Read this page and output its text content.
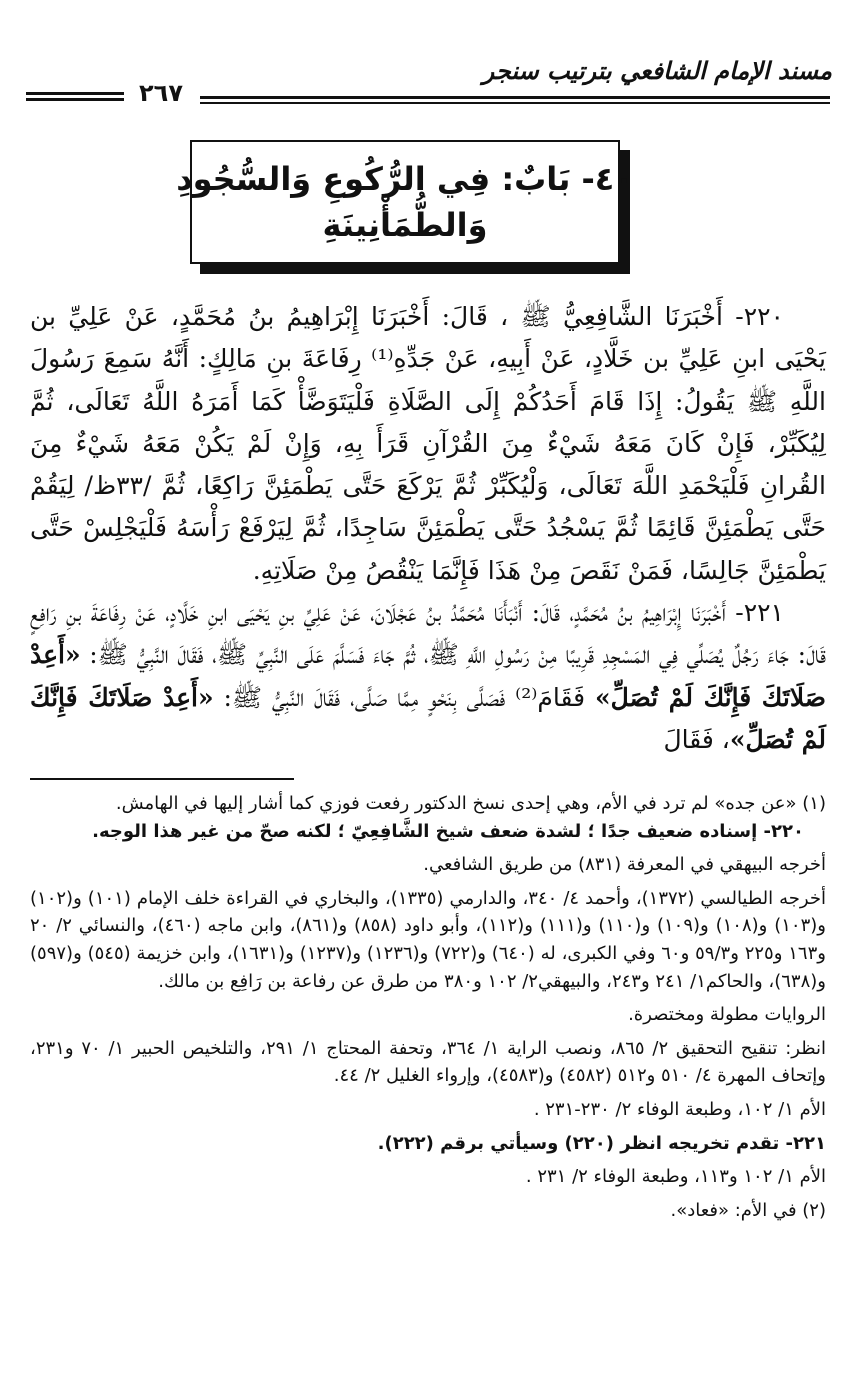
مسند الإمام الشافعي بترتيب سنجر
٢٦٧
٤٠- بَابٌ: فِي الرُّكُوعِ وَالسُّجُودِ
وَالطُّمَأْنِينَةِ

٢٢٠- أَخْبَرَنَا الشَّافِعِيُّ ﷺ ، قَالَ: أَخْبَرَنَا إِبْرَاهِيمُ بنُ مُحَمَّدٍ، عَنْ عَلِيِّ بن يَحْيَى ابنِ عَلِيِّ بن خَلَّادٍ، عَنْ أَبِيهِ، عَنْ جَدِّهِ⁽¹⁾ رِفَاعَةَ بنِ مَالِكٍ: أَنَّهُ سَمِعَ رَسُولَ اللَّهِ ﷺ يَقُولُ: إِذَا قَامَ أَحَدُكُمْ إِلَى الصَّلَاةِ فَلْيَتَوَضَّأْ كَمَا أَمَرَهُ اللَّهُ تَعَالَى، ثُمَّ لِيُكَبِّرْ، فَإِنْ كَانَ مَعَهُ شَيْءٌ مِنَ القُرْآنِ قَرَأَ بِهِ، وَإِنْ لَمْ يَكُنْ مَعَهُ شَيْءٌ مِنَ القُرانِ فَلْيَحْمَدِ اللَّهَ تَعَالَى، وَلْيُكَبِّرْ ثُمَّ يَرْكَعَ حَتَّى يَطْمَئِنَّ رَاكِعًا، ثُمَّ /٣٣ظ/ لِيَقُمْ حَتَّى يَطْمَئِنَّ قَائِمًا ثُمَّ يَسْجُدُ حَتَّى يَطْمَئِنَّ سَاجِدًا، ثُمَّ لِيَرْفَعْ رَأْسَهُ فَلْيَجْلِسْ حَتَّى يَطْمَئِنَّ جَالِسًا، فَمَنْ نَقَصَ مِنْ هَذَا فَإِنَّمَا يَنْقُصُ مِنْ صَلَاتِهِ.

٢٢١- أَخْبَرَنَا إِبْرَاهِيمُ بنُ مُحَمَّدٍ، قَالَ: أَنْبَأَنَا مُحَمَّدُ بنُ عَجْلَانَ، عَنْ عَلِيِّ بنِ يَحْيَى ابنِ خَلَّادٍ، عَنْ رِفَاعَةَ بنِ رَافِعٍ قَالَ: جَاءَ رَجُلٌ يُصَلِّي فِي المَسْجِدِ قَرِيبًا مِنْ رَسُولِ اللَّهِ ﷺ، ثُمَّ جَاءَ فَسَلَّمَ عَلَى النَّبِيِّ ﷺ، فَقَالَ النَّبِيُّ ﷺ: «أَعِدْ صَلَاتَكَ فَإِنَّكَ لَمْ تُصَلِّ» فَقَامَ⁽²⁾ فَصَلَّى بِنَحْوٍ مِمَّا صَلَّى، فَقَالَ النَّبِيُّ ﷺ: «أَعِدْ صَلَاتَكَ فَإِنَّكَ لَمْ تُصَلِّ»، فَقَالَ

(١) «عن جده» لم ترد في الأم، وهي إحدى نسخ الدكتور رفعت فوزي كما أشار إليها في الهامش.

٢٢٠- إسناده ضعيف جدًا ؛ لشدة ضعف شيخ الشَّافِعِيّ ؛ لكنه صحّ من غير هذا الوجه.

أخرجه البيهقي في المعرفة (٨٣١) من طريق الشافعي.

أخرجه الطيالسي (١٣٧٢)، وأحمد ٤/ ٣٤٠، والدارمي (١٣٣٥)، والبخاري في القراءة خلف الإمام (١٠١) و(١٠٢) و(١٠٣) و(١٠٨) و(١٠٩) و(١١٠) و(١١١) و(١١٢)، وأبو داود (٨٥٨) و(٨٦١)، وابن ماجه (٤٦٠)، والنسائي ٢/ ٢٠ و١٦٣ و٢٢٥ و٥٩/٣ و٦٠ وفي الكبرى، له (٦٤٠) و(٧٢٢) و(١٢٣٦) و(١٢٣٧) و(١٦٣١)، وابن خزيمة (٥٤٥) و(٥٩٧) و(٦٣٨)، والحاكم١/ ٢٤١ و٢٤٣، والبيهقي٢/ ١٠٢ و٣٨٠ من طرق عن رفاعة بن رَافِع بن مالك.

الروايات مطولة ومختصرة.

انظر: تنقيح التحقيق ٢/ ٨٦٥، ونصب الراية ١/ ٣٦٤، وتحفة المحتاج ١/ ٢٩١، والتلخيص الحبير ١/ ٧٠ و٢٣١، وإتحاف المهرة ٤/ ٥١٠ و٥١٢ (٤٥٨٢) و(٤٥٨٣)، وإرواء الغليل ٢/ ٤٤.

الأم ١/ ١٠٢، وطبعة الوفاء ٢/ ٢٣٠-٢٣١ .

٢٢١- تقدم تخريجه انظر (٢٢٠) وسيأتي برقم (٢٢٢).

الأم ١/ ١٠٢ و١١٣، وطبعة الوفاء ٢/ ٢٣١ .

(٢) في الأم: «فعاد».
